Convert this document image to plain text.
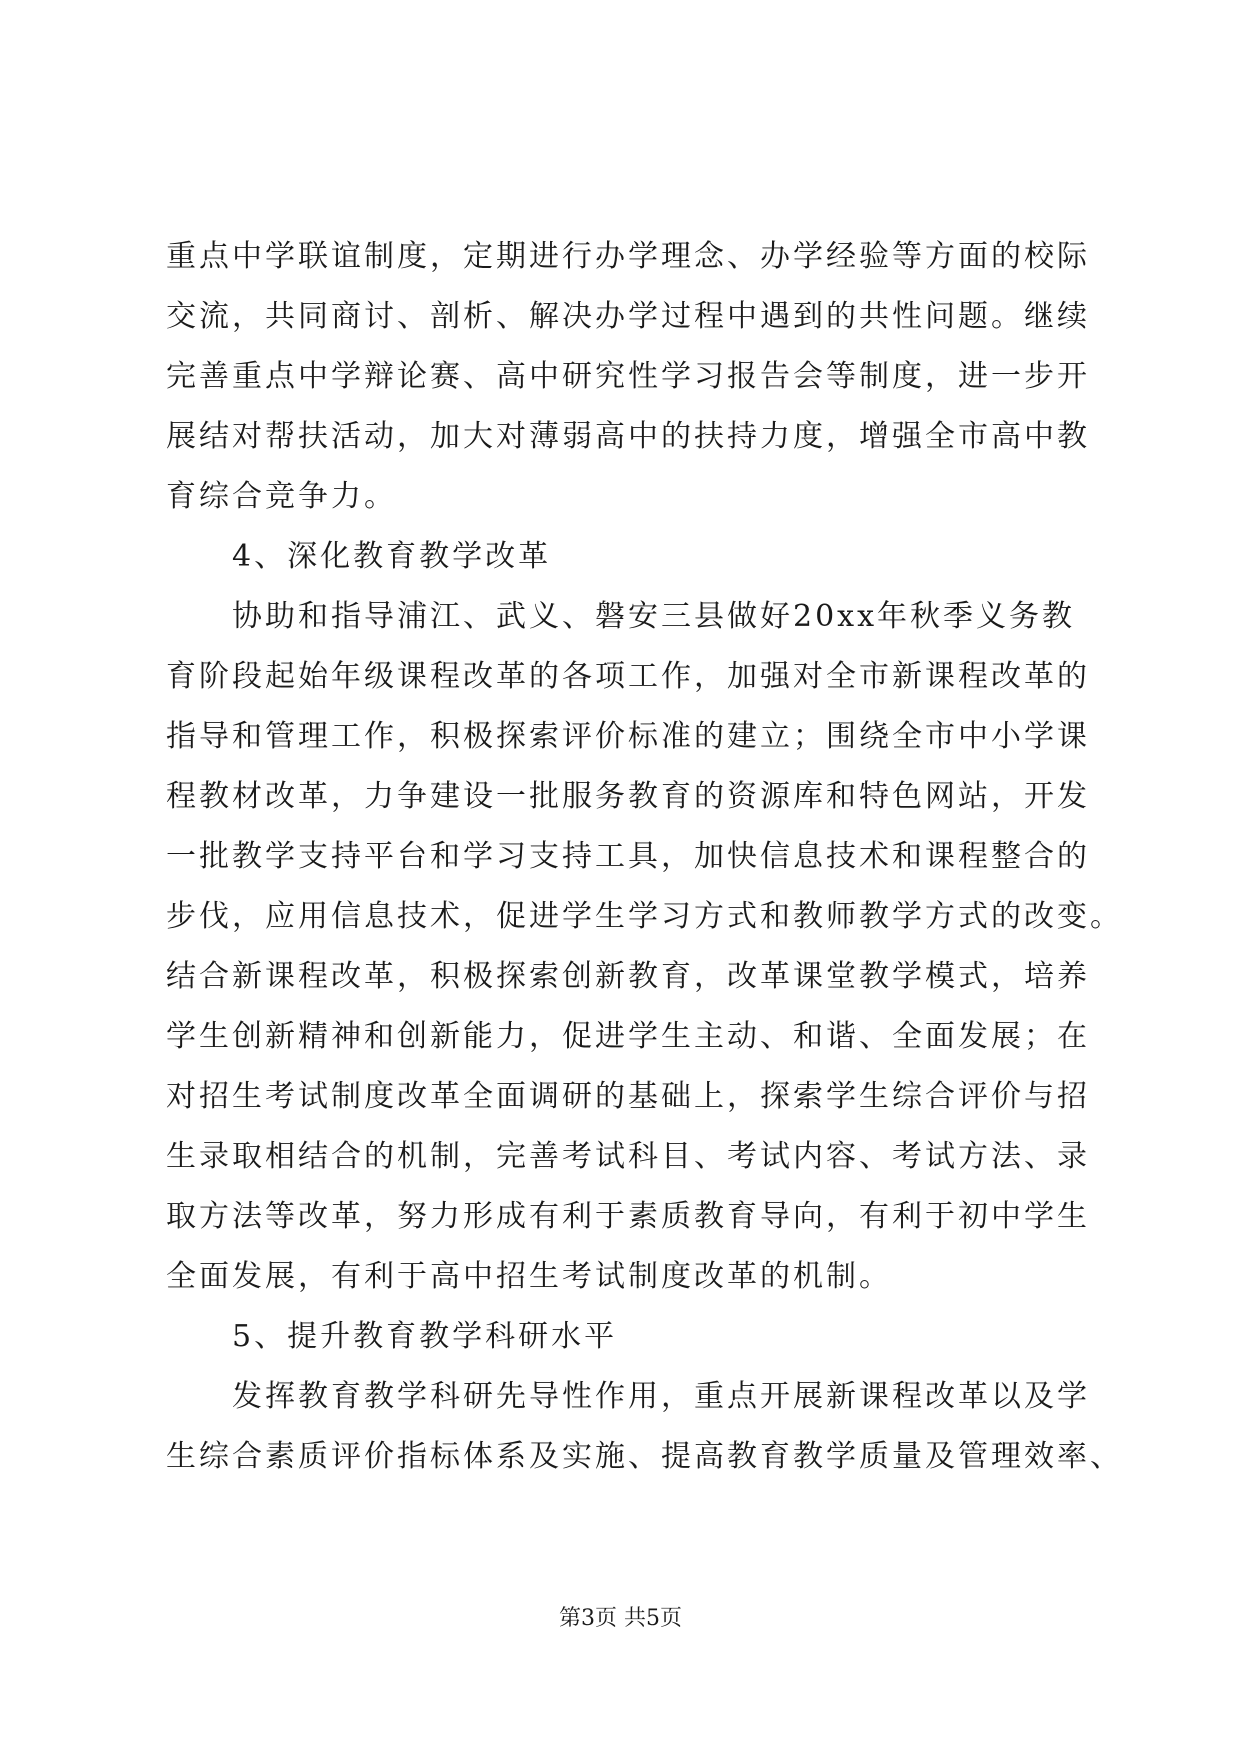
重点中学联谊制度，定期进行办学理念、办学经验等方面的校际
交流，共同商讨、剖析、解决办学过程中遇到的共性问题。继续
完善重点中学辩论赛、高中研究性学习报告会等制度，进一步开
展结对帮扶活动，加大对薄弱高中的扶持力度，增强全市高中教
育综合竞争力。
　　4、深化教育教学改革
　　协助和指导浦江、武义、磐安三县做好20xx年秋季义务教
育阶段起始年级课程改革的各项工作，加强对全市新课程改革的
指导和管理工作，积极探索评价标准的建立；围绕全市中小学课
程教材改革，力争建设一批服务教育的资源库和特色网站，开发
一批教学支持平台和学习支持工具，加快信息技术和课程整合的
步伐，应用信息技术，促进学生学习方式和教师教学方式的改变。
结合新课程改革，积极探索创新教育，改革课堂教学模式，培养
学生创新精神和创新能力，促进学生主动、和谐、全面发展；在
对招生考试制度改革全面调研的基础上，探索学生综合评价与招
生录取相结合的机制，完善考试科目、考试内容、考试方法、录
取方法等改革，努力形成有利于素质教育导向，有利于初中学生
全面发展，有利于高中招生考试制度改革的机制。
　　5、提升教育教学科研水平
　　发挥教育教学科研先导性作用，重点开展新课程改革以及学
生综合素质评价指标体系及实施、提高教育教学质量及管理效率、
第3页 共5页
